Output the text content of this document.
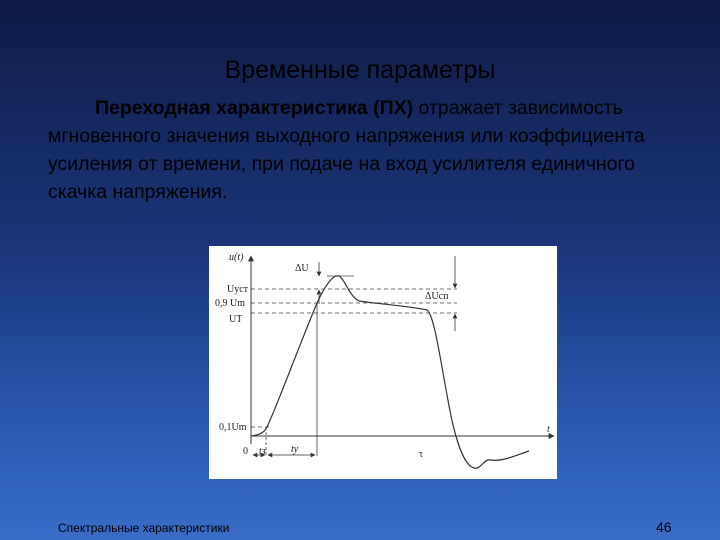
Временные параметры
Переходная характеристика (ПХ) отражает зависимость мгновенного значения выходного напряжения или коэффициента усиления от времени, при подаче на вход усилителя единичного скачка напряжения.
u(t)
t
ΔU
Uуст
0,9 Um
UT
ΔUсп
0,1Um
0 tз	tу	τ
Спектральные характеристики	46
